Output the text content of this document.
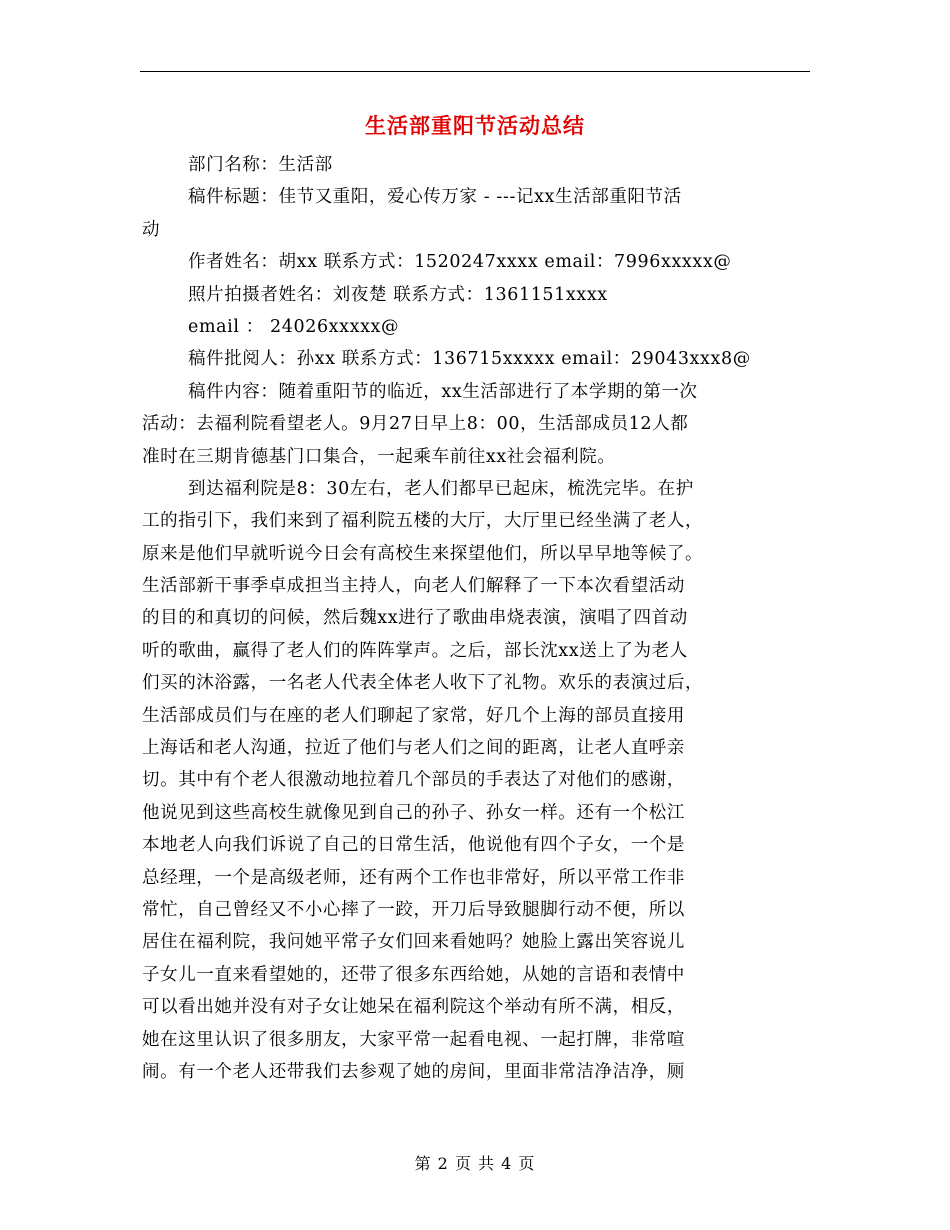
生活部重阳节活动总结
部门名称：生活部
稿件标题：佳节又重阳，爱心传万家 - ---记xx生活部重阳节活
动
作者姓名：胡xx 联系方式：1520247xxxx email：7996xxxxx@
照片拍摄者姓名：刘夜楚 联系方式：1361151xxxx
email ： 24026xxxxx@
稿件批阅人：孙xx 联系方式：136715xxxxx email：29043xxx8@
稿件内容：随着重阳节的临近，xx生活部进行了本学期的第一次
活动：去福利院看望老人。9月27日早上8：00，生活部成员12人都
准时在三期肯德基门口集合，一起乘车前往xx社会福利院。
到达福利院是8：30左右，老人们都早已起床，梳洗完毕。在护
工的指引下，我们来到了福利院五楼的大厅，大厅里已经坐满了老人，
原来是他们早就听说今日会有高校生来探望他们，所以早早地等候了。
生活部新干事季卓成担当主持人，向老人们解释了一下本次看望活动
的目的和真切的问候，然后魏xx进行了歌曲串烧表演，演唱了四首动
听的歌曲，赢得了老人们的阵阵掌声。之后，部长沈xx送上了为老人
们买的沐浴露，一名老人代表全体老人收下了礼物。欢乐的表演过后，
生活部成员们与在座的老人们聊起了家常，好几个上海的部员直接用
上海话和老人沟通，拉近了他们与老人们之间的距离，让老人直呼亲
切。其中有个老人很激动地拉着几个部员的手表达了对他们的感谢，
他说见到这些高校生就像见到自己的孙子、孙女一样。还有一个松江
本地老人向我们诉说了自己的日常生活，他说他有四个子女，一个是
总经理，一个是高级老师，还有两个工作也非常好，所以平常工作非
常忙，自己曾经又不小心摔了一跤，开刀后导致腿脚行动不便，所以
居住在福利院，我问她平常子女们回来看她吗？她脸上露出笑容说儿
子女儿一直来看望她的，还带了很多东西给她，从她的言语和表情中
可以看出她并没有对子女让她呆在福利院这个举动有所不满，相反，
她在这里认识了很多朋友，大家平常一起看电视、一起打牌，非常喧
闹。有一个老人还带我们去参观了她的房间，里面非常洁净洁净，厕
第 2 页 共 4 页
